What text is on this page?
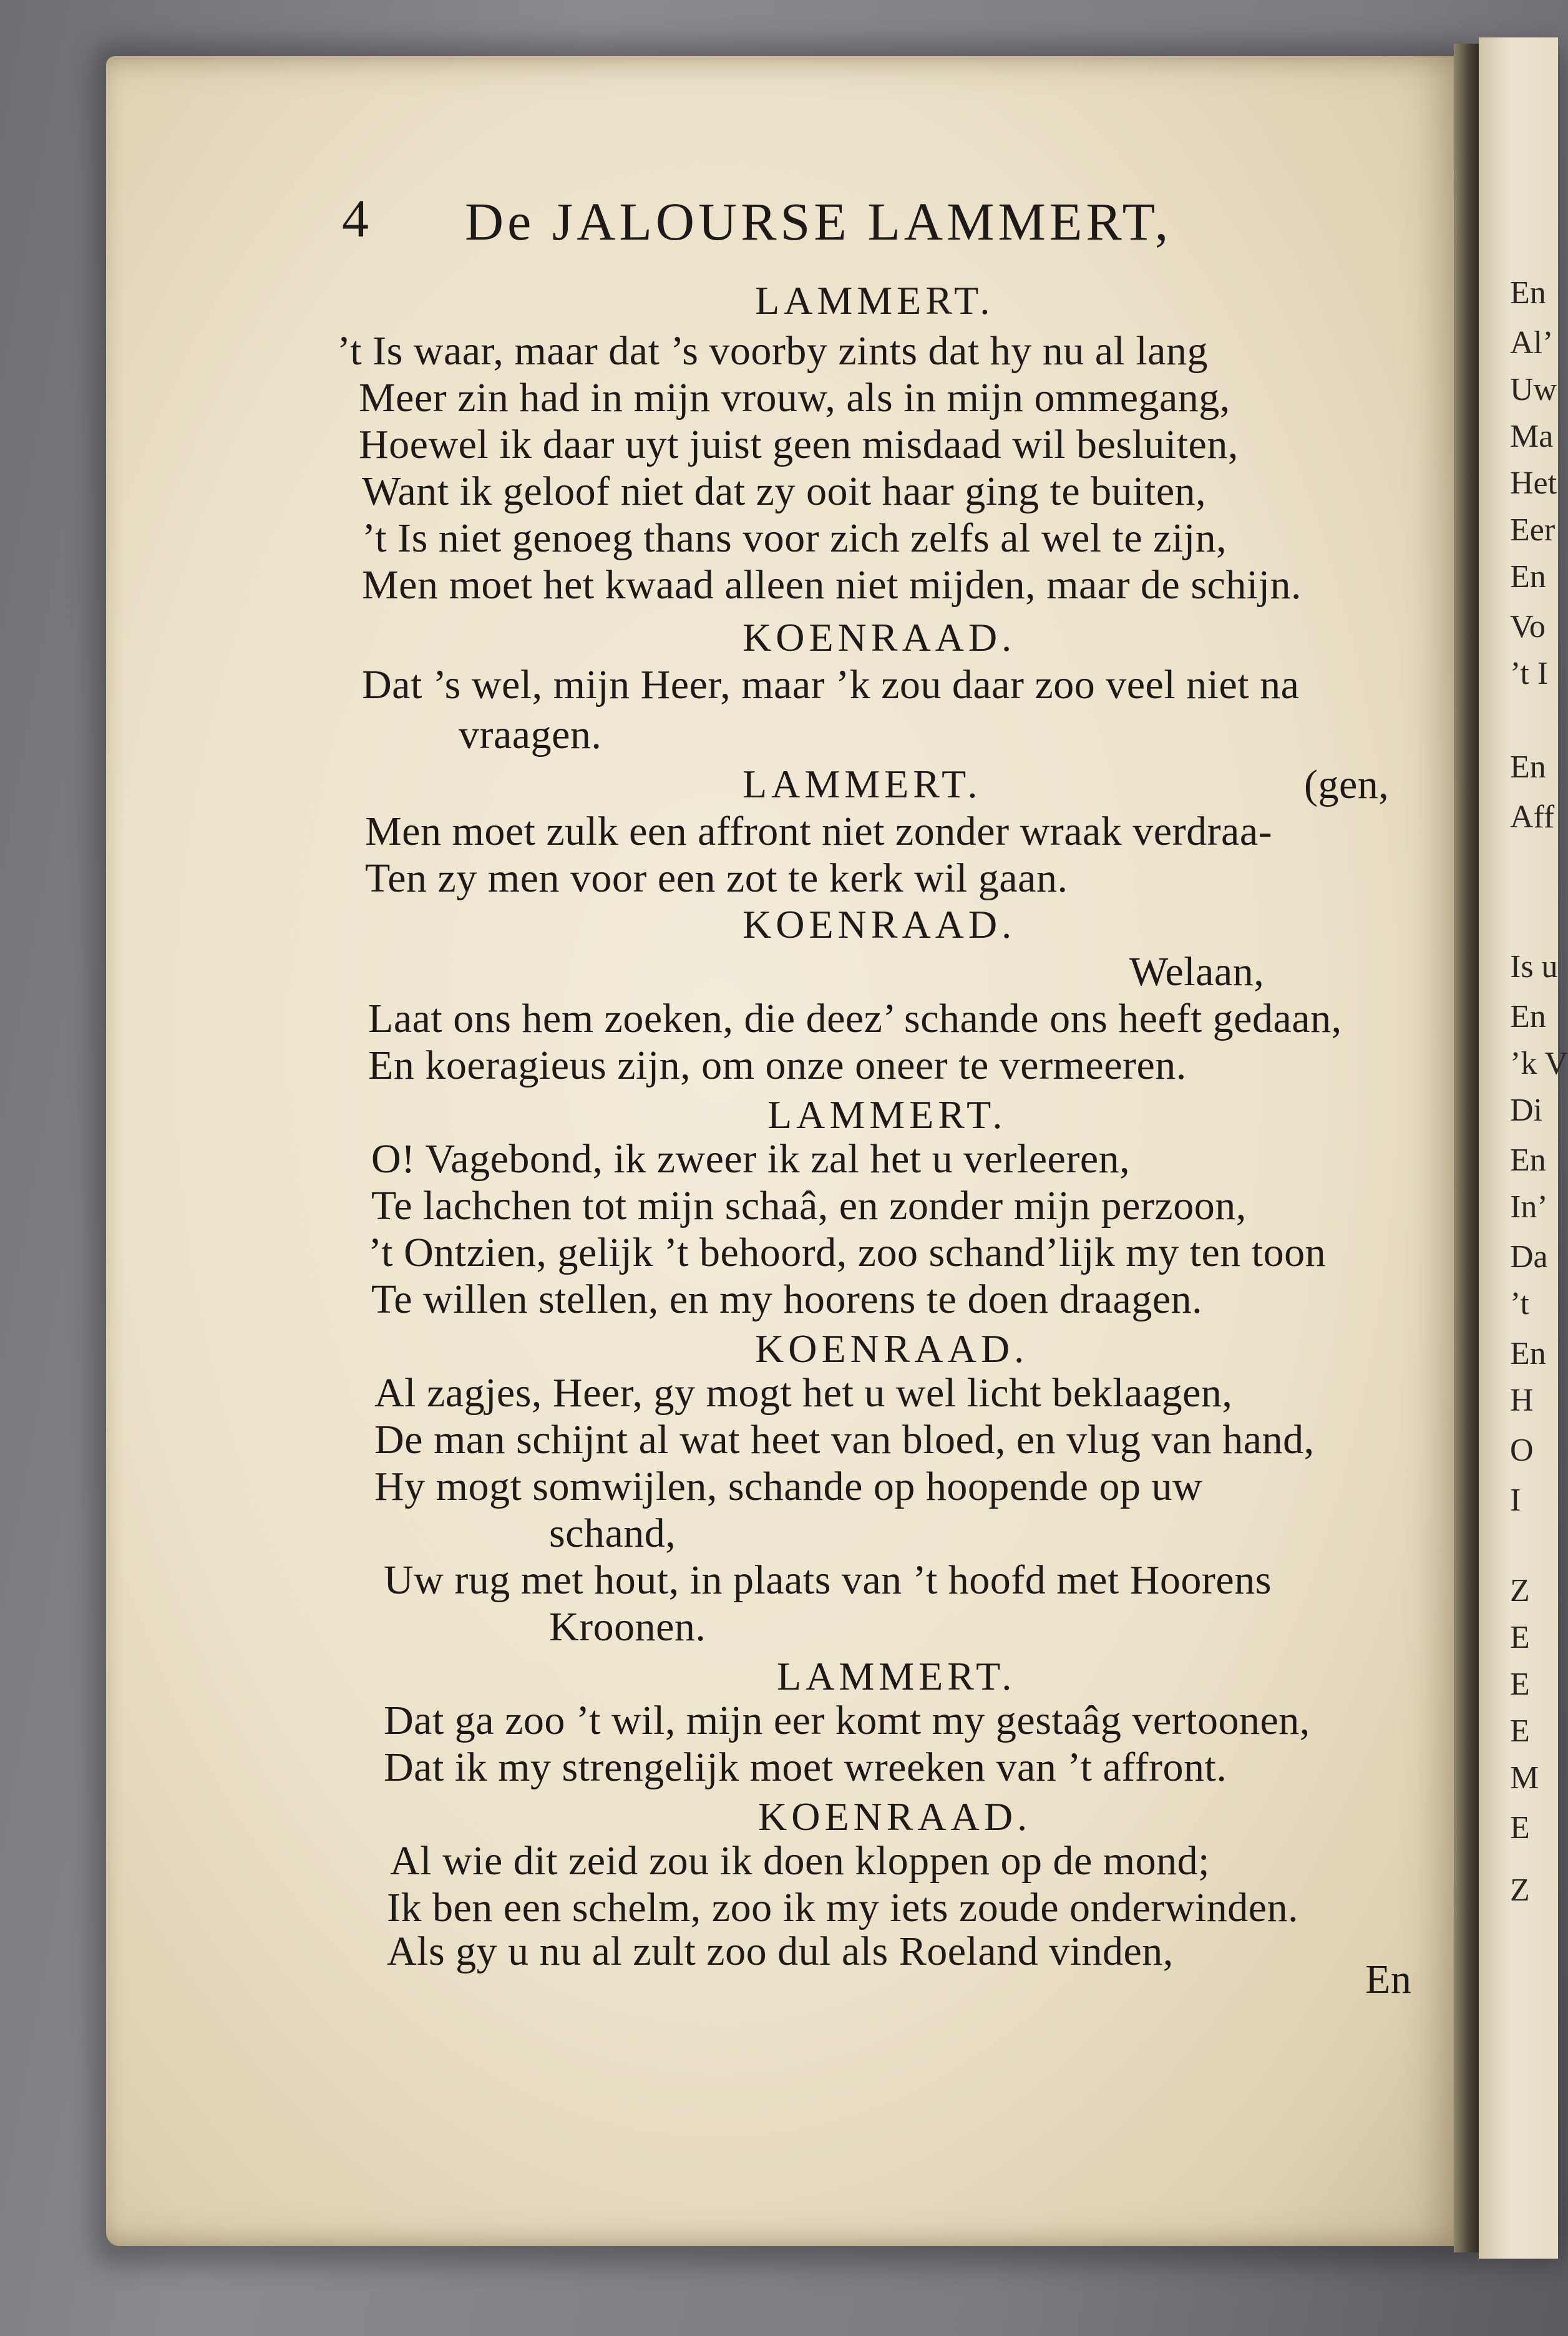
En
Al’
Uw
Ma
Het
Eer
En
Vo
’t I
En
Aff
Is u
En
’k V
Di
En
In’
Da
’t
En
H
O
I
Z
E
E
E
M
E
Z
4 De JALOURSE LAMMERT,
LAMMERT.
’t Is waar, maar dat ’s voorby zints dat hy nu al lang
Meer zin had in mijn vrouw, als in mijn ommegang,
Hoewel ik daar uyt juist geen misdaad wil besluiten,
Want ik geloof niet dat zy ooit haar ging te buiten,
’t Is niet genoeg thans voor zich zelfs al wel te zijn,
Men moet het kwaad alleen niet mijden, maar de schijn.
KOENRAAD.
Dat ’s wel, mijn Heer, maar ’k zou daar zoo veel niet na
vraagen.
LAMMERT.	(gen,
Men moet zulk een affront niet zonder wraak verdraa-
Ten zy men voor een zot te kerk wil gaan.
KOENRAAD.
Welaan,
Laat ons hem zoeken, die deez’ schande ons heeft gedaan,
En koeragieus zijn, om onze oneer te vermeeren.
LAMMERT.
O! Vagebond, ik zweer ik zal het u verleeren,
Te lachchen tot mijn schaâ, en zonder mijn perzoon,
’t Ontzien, gelijk ’t behoord, zoo schand’lijk my ten toon
Te willen stellen, en my hoorens te doen draagen.
KOENRAAD.
Al zagjes, Heer, gy mogt het u wel licht beklaagen,
De man schijnt al wat heet van bloed, en vlug van hand,
Hy mogt somwijlen, schande op hoopende op uw
schand,
Uw rug met hout, in plaats van ’t hoofd met Hoorens
Kroonen.
LAMMERT.
Dat ga zoo ’t wil, mijn eer komt my gestaâg vertoonen,
Dat ik my strengelijk moet wreeken van ’t affront.
KOENRAAD.
Al wie dit zeid zou ik doen kloppen op de mond;
Ik ben een schelm, zoo ik my iets zoude onderwinden.
Als gy u nu al zult zoo dul als Roeland vinden,
En
